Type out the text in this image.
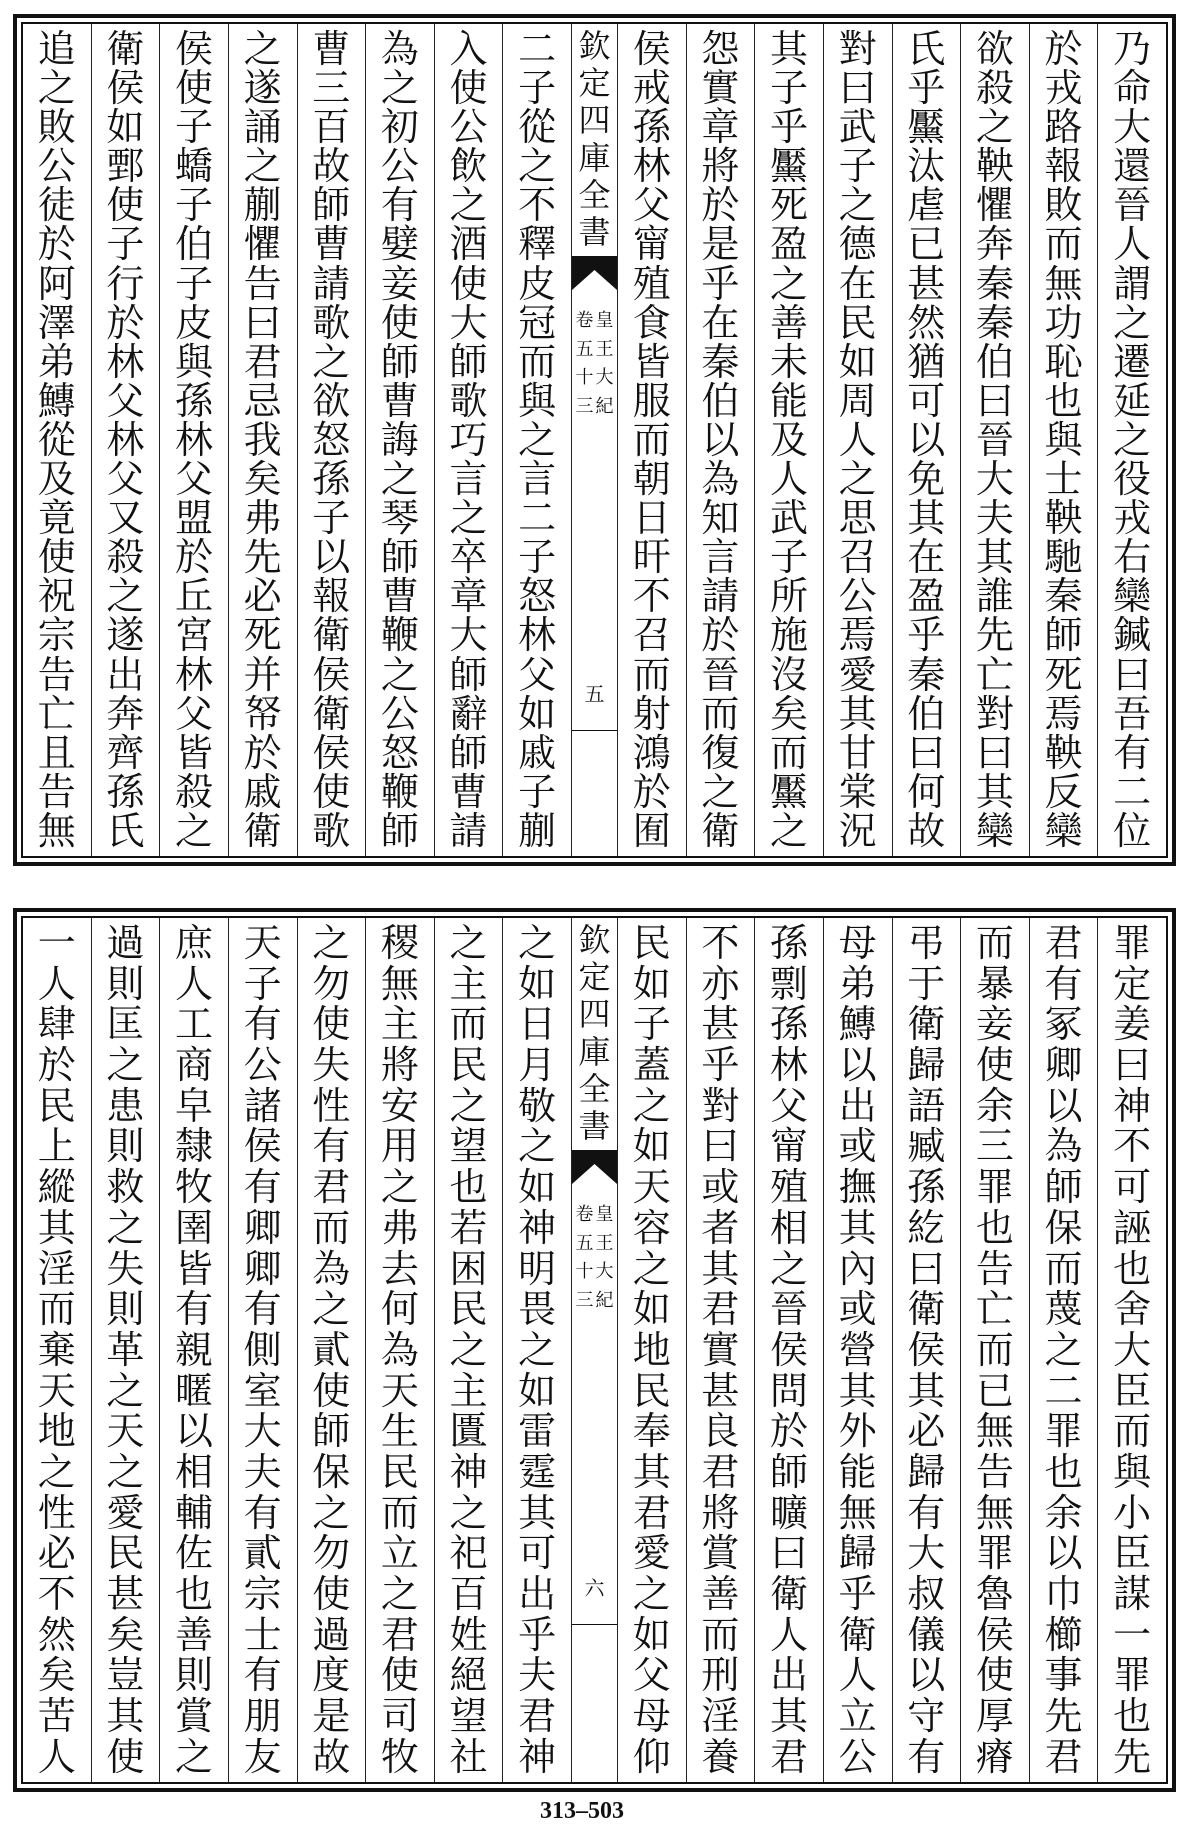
乃
命
大
還
晉
人
謂
之
遷
延
之
役
戎
右
欒
鍼
曰
吾
有
二
位
於
戎
路
報
敗
而
無
功
恥
也
與
士
鞅
馳
秦
師
死
焉
鞅
反
欒
欲
殺
之
鞅
懼
奔
秦
秦
伯
曰
晉
大
夫
其
誰
先
亡
對
曰
其
欒
氏
乎
黶
汰
虐
已
甚
然
猶
可
以
免
其
在
盈
乎
秦
伯
曰
何
故
對
曰
武
子
之
德
在
民
如
周
人
之
思
召
公
焉
愛
其
甘
棠
況
其
子
乎
黶
死
盈
之
善
未
能
及
人
武
子
所
施
沒
矣
而
黶
之
怨
實
章
將
於
是
乎
在
秦
伯
以
為
知
言
請
於
晉
而
復
之
衛
侯
戒
孫
林
父
甯
殖
食
皆
服
而
朝
日
旰
不
召
而
射
鴻
於
囿
欽
定
四
庫
全
書
皇
王
大
紀
卷
五
十
三
五
二
子
從
之
不
釋
皮
冠
而
與
之
言
二
子
怒
林
父
如
戚
子
蒯
入
使
公
飲
之
酒
使
大
師
歌
巧
言
之
卒
章
大
師
辭
師
曹
請
為
之
初
公
有
嬖
妾
使
師
曹
誨
之
琴
師
曹
鞭
之
公
怒
鞭
師
曹
三
百
故
師
曹
請
歌
之
欲
怒
孫
子
以
報
衛
侯
衛
侯
使
歌
之
遂
誦
之
蒯
懼
告
曰
君
忌
我
矣
弗
先
必
死
并
帑
於
戚
衛
侯
使
子
蟜
子
伯
子
皮
與
孫
林
父
盟
於
丘
宮
林
父
皆
殺
之
衛
侯
如
鄄
使
子
行
於
林
父
林
父
又
殺
之
遂
出
奔
齊
孫
氏
追
之
敗
公
徒
於
阿
澤
弟
鱄
從
及
竟
使
祝
宗
告
亡
且
告
無
罪
定
姜
曰
神
不
可
誣
也
舍
大
臣
而
與
小
臣
謀
一
罪
也
先
君
有
冢
卿
以
為
師
保
而
蔑
之
二
罪
也
余
以
巾
櫛
事
先
君
而
暴
妾
使
余
三
罪
也
告
亡
而
已
無
告
無
罪
魯
侯
使
厚
瘠
弔
于
衛
歸
語
臧
孫
紇
曰
衛
侯
其
必
歸
有
大
叔
儀
以
守
有
母
弟
鱄
以
出
或
撫
其
內
或
營
其
外
能
無
歸
乎
衛
人
立
公
孫
剽
孫
林
父
甯
殖
相
之
晉
侯
問
於
師
曠
曰
衛
人
出
其
君
不
亦
甚
乎
對
曰
或
者
其
君
實
甚
良
君
將
賞
善
而
刑
淫
養
民
如
子
蓋
之
如
天
容
之
如
地
民
奉
其
君
愛
之
如
父
母
仰
欽
定
四
庫
全
書
皇
王
大
紀
卷
五
十
三
六
之
如
日
月
敬
之
如
神
明
畏
之
如
雷
霆
其
可
出
乎
夫
君
神
之
主
而
民
之
望
也
若
困
民
之
主
匱
神
之
祀
百
姓
絕
望
社
稷
無
主
將
安
用
之
弗
去
何
為
天
生
民
而
立
之
君
使
司
牧
之
勿
使
失
性
有
君
而
為
之
貳
使
師
保
之
勿
使
過
度
是
故
天
子
有
公
諸
侯
有
卿
卿
有
側
室
大
夫
有
貳
宗
士
有
朋
友
庶
人
工
商
皁
隸
牧
圉
皆
有
親
暱
以
相
輔
佐
也
善
則
賞
之
過
則
匡
之
患
則
救
之
失
則
革
之
天
之
愛
民
甚
矣
豈
其
使
一
人
肆
於
民
上
縱
其
淫
而
棄
天
地
之
性
必
不
然
矣
苦
人
313–503
